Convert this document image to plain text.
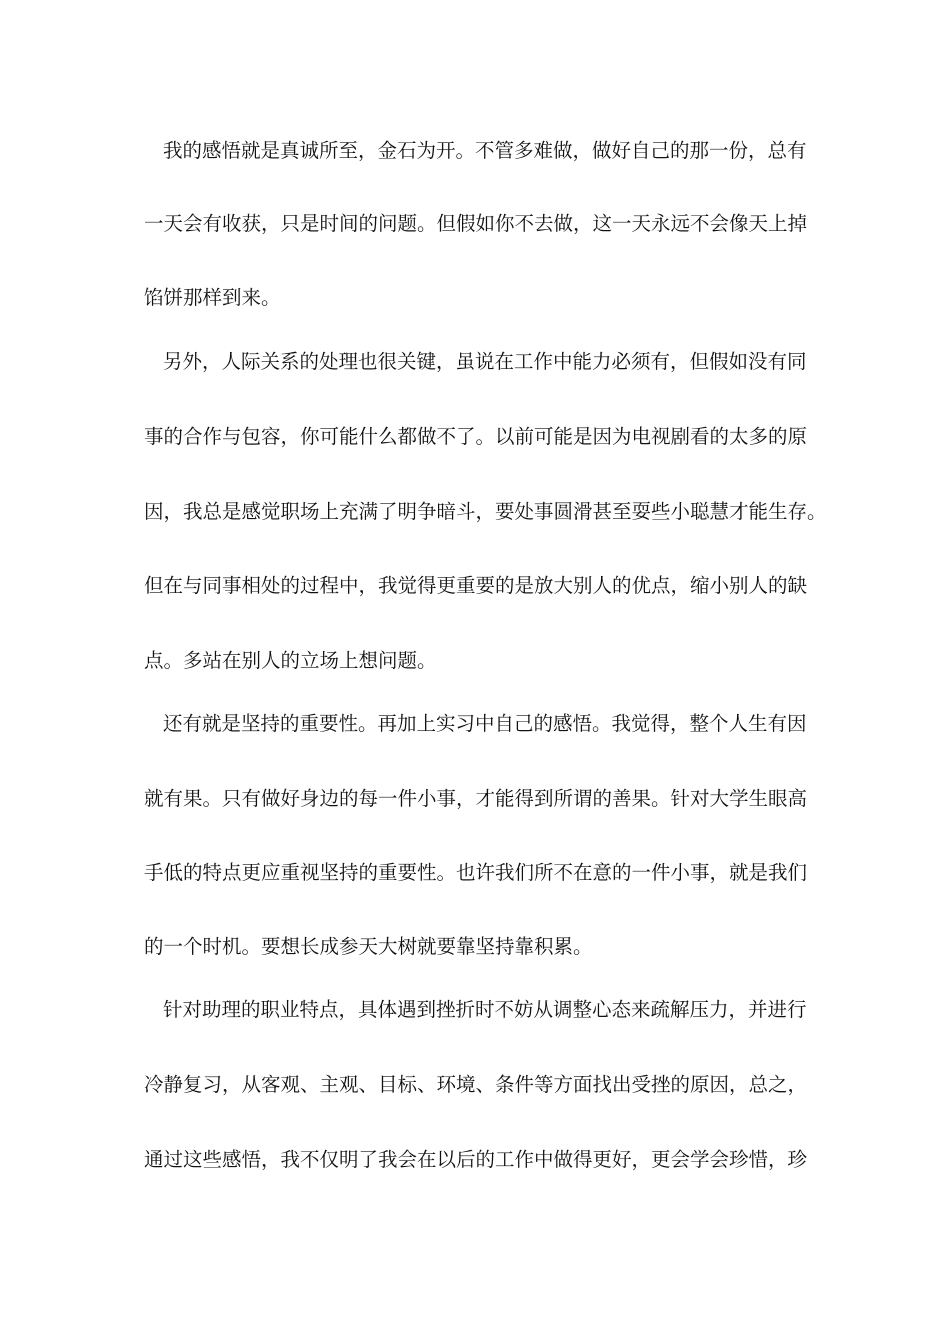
我的感悟就是真诚所至，金石为开。不管多难做，做好自己的那一份，总有
一天会有收获，只是时间的问题。但假如你不去做，这一天永远不会像天上掉
馅饼那样到来。
另外，人际关系的处理也很关键，虽说在工作中能力必须有，但假如没有同
事的合作与包容，你可能什么都做不了。以前可能是因为电视剧看的太多的原
因，我总是感觉职场上充满了明争暗斗，要处事圆滑甚至耍些小聪慧才能生存。
但在与同事相处的过程中，我觉得更重要的是放大别人的优点，缩小别人的缺
点。多站在别人的立场上想问题。
还有就是坚持的重要性。再加上实习中自己的感悟。我觉得，整个人生有因
就有果。只有做好身边的每一件小事，才能得到所谓的善果。针对大学生眼高
手低的特点更应重视坚持的重要性。也许我们所不在意的一件小事，就是我们
的一个时机。要想长成参天大树就要靠坚持靠积累。
针对助理的职业特点，具体遇到挫折时不妨从调整心态来疏解压力，并进行
冷静复习，从客观、主观、目标、环境、条件等方面找出受挫的原因，总之，
通过这些感悟，我不仅明了我会在以后的工作中做得更好，更会学会珍惜，珍
